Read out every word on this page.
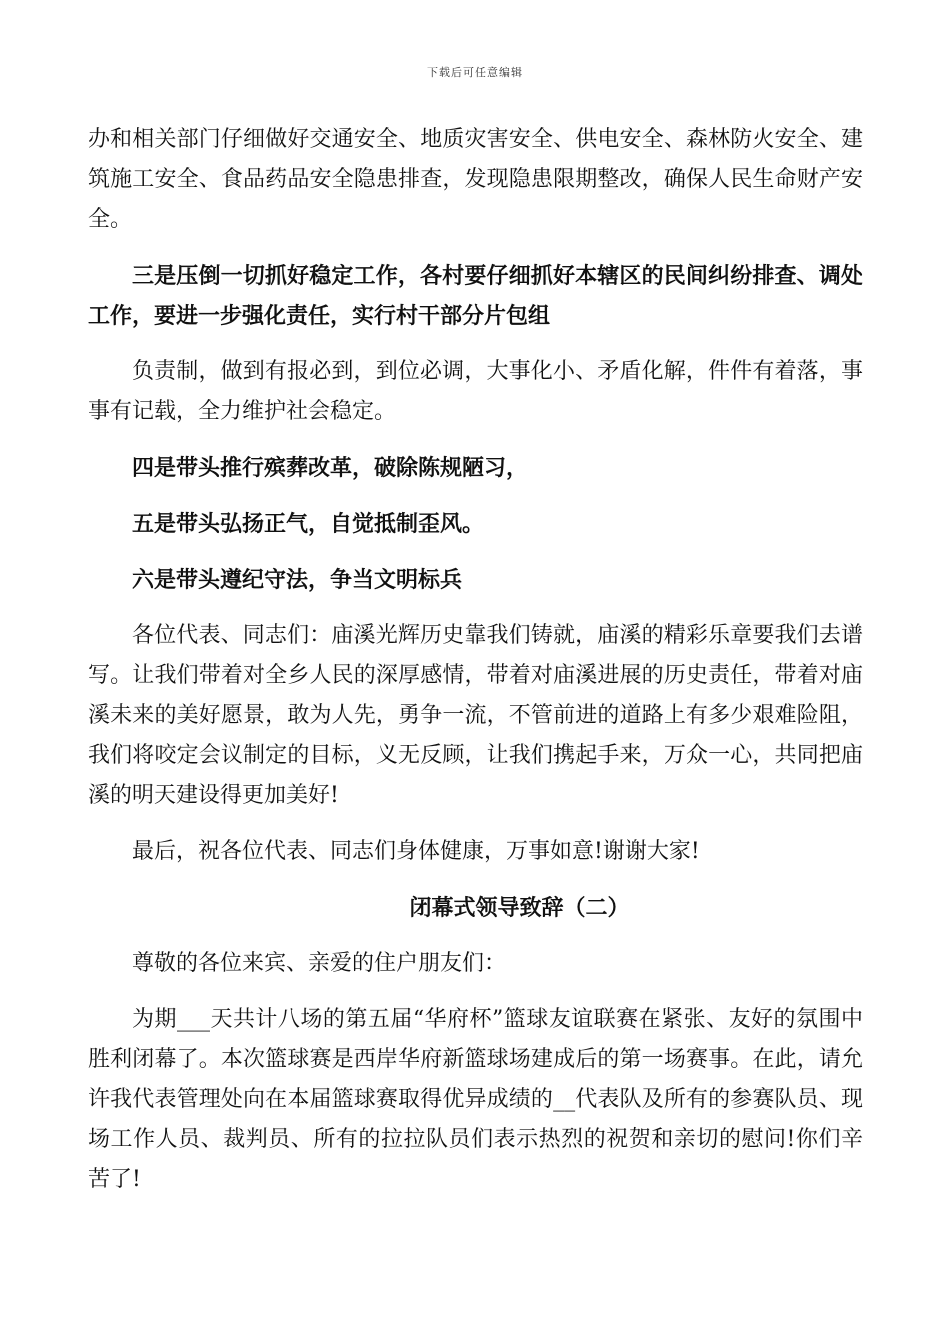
下载后可任意编辑

办和相关部门仔细做好交通安全、地质灾害安全、供电安全、森林防火安全、建筑施工安全、食品药品安全隐患排查，发现隐患限期整改，确保人民生命财产安全。

三是压倒一切抓好稳定工作，各村要仔细抓好本辖区的民间纠纷排查、调处工作，要进一步强化责任，实行村干部分片包组

负责制，做到有报必到，到位必调，大事化小、矛盾化解，件件有着落，事事有记载，全力维护社会稳定。

四是带头推行殡葬改革，破除陈规陋习，

五是带头弘扬正气，自觉抵制歪风。

六是带头遵纪守法，争当文明标兵

各位代表、同志们：庙溪光辉历史靠我们铸就，庙溪的精彩乐章要我们去谱写。让我们带着对全乡人民的深厚感情，带着对庙溪进展的历史责任，带着对庙溪未来的美好愿景，敢为人先，勇争一流，不管前进的道路上有多少艰难险阻，我们将咬定会议制定的目标，义无反顾，让我们携起手来，万众一心，共同把庙溪的明天建设得更加美好!

最后，祝各位代表、同志们身体健康，万事如意!谢谢大家!

闭幕式领导致辞（二）

尊敬的各位来宾、亲爱的住户朋友们：

为期___天共计八场的第五届“华府杯”篮球友谊联赛在紧张、友好的氛围中胜利闭幕了。本次篮球赛是西岸华府新篮球场建成后的第一场赛事。在此，请允许我代表管理处向在本届篮球赛取得优异成绩的__代表队及所有的参赛队员、现场工作人员、裁判员、所有的拉拉队员们表示热烈的祝贺和亲切的慰问!你们辛苦了!
